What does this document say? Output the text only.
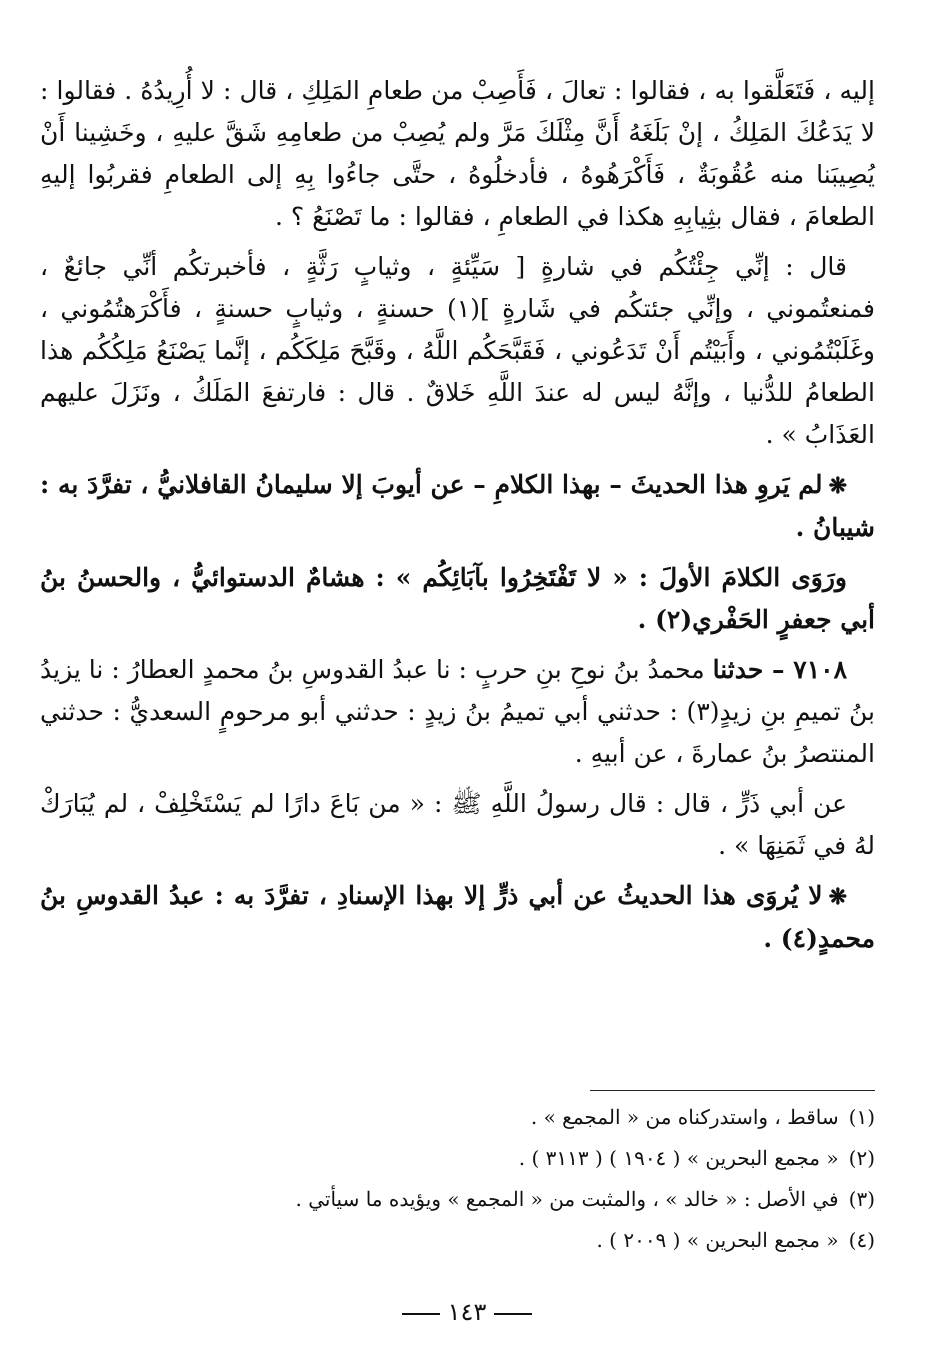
إليه ، فَتَعَلَّقوا به ، فقالوا : تعالَ ، فَأَصِبْ من طعامِ المَلِكِ ، قال : لا أُرِيدُهُ . فقالوا : لا يَدَعُكَ المَلِكُ ، إنْ بَلَغَهُ أَنَّ مِثْلَكَ مَرَّ ولم يُصِبْ من طعامِهِ شَقَّ عليهِ ، وخَشِينا أَنْ يُصِيبَنا منه عُقُوبَةٌ ، فَأَكْرَهُوهُ ، فأدخلُوهُ ، حتَّى جاءُوا بِهِ إلى الطعامِ فقربُوا إليهِ الطعامَ ، فقال بثِيابِهِ هكذا في الطعامِ ، فقالوا : ما تَصْنَعُ ؟ .

قال : إنِّي جِئْتُكُم في شارةٍ [ سَيِّئةٍ ، وثيابٍ رَثَّةٍ ، فأخبرتكُم أنِّي جائعٌ ، فمنعتُموني ، وإنِّي جئتكُم في شَارةٍ ](١) حسنةٍ ، وثيابٍ حسنةٍ ، فأَكْرَهتُمُوني ، وغَلَبْتُمُوني ، وأَبَيْتُم أَنْ تَدَعُوني ، فَقَبَّحَكُم اللَّهُ ، وقَبَّحَ مَلِكَكُم ، إنَّما يَصْنَعُ مَلِكُكُم هذا الطعامُ للدُّنيا ، وإنَّهُ ليس له عندَ اللَّهِ خَلاقٌ . قال : فارتفعَ المَلَكُ ، ونَزَلَ عليهم العَذَابُ » .

❋لم يَروِ هذا الحديثَ – بهذا الكلامِ – عن أيوبَ إلا سليمانُ القافلانيُّ ، تفرَّدَ به : شيبانُ .

ورَوَى الكلامَ الأولَ : « لا تَفْتَخِرُوا بآبَائِكُم » : هشامٌ الدستوائيُّ ، والحسنُ بنُ أبي جعفرٍ الحَفْري(٢) .

٧١٠٨ – حدثنا محمدُ بنُ نوحِ بنِ حربٍ : نا عبدُ القدوسِ بنُ محمدٍ العطارُ : نا يزيدُ بنُ تميمِ بنِ زيدٍ(٣) : حدثني أبي تميمُ بنُ زيدٍ : حدثني أبو مرحومٍ السعديُّ : حدثني المنتصرُ بنُ عمارةَ ، عن أبيهِ .

عن أبي ذَرٍّ ، قال : قال رسولُ اللَّهِ ﷺ : « من بَاعَ دارًا لم يَسْتَخْلِفْ ، لم يُبَارَكْ لهُ في ثَمَنِهَا » .

❋لا يُروَى هذا الحديثُ عن أبي ذرٍّ إلا بهذا الإسنادِ ، تفرَّدَ به : عبدُ القدوسِ بنُ محمدٍ(٤) .

(١)ساقط ، واستدركناه من « المجمع » .

(٢)« مجمع البحرين » ( ١٩٠٤ ) ( ٣١١٣ ) .

(٣)في الأصل : « خالد » ، والمثبت من « المجمع » ويؤيده ما سيأتي .

(٤)« مجمع البحرين » ( ٢٠٠٩ ) .

١٤٣
